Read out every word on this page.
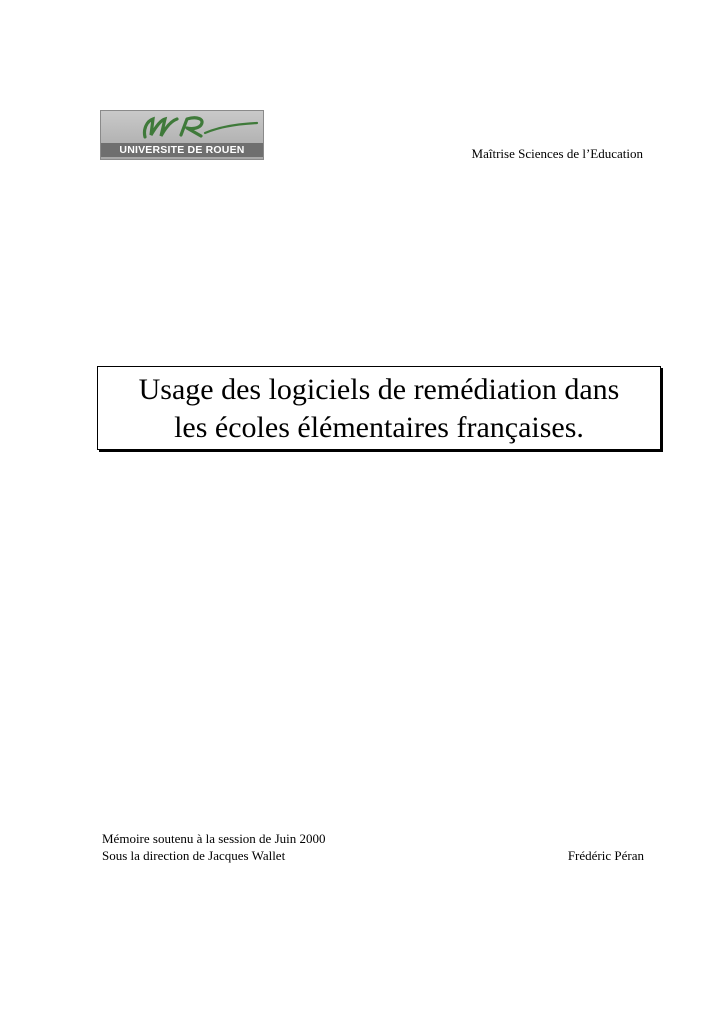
UNIVERSITE DE ROUEN	Maîtrise Sciences de l’Education
Usage des logiciels de remédiation dans
les écoles élémentaires françaises.
Mémoire soutenu à la session de Juin 2000
Sous la direction de Jacques Wallet	Frédéric Péran
